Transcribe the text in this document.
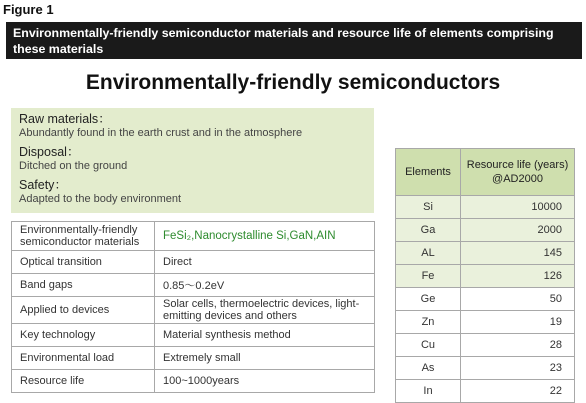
Figure 1
Environmentally-friendly semiconductor materials and resource life of elements comprising these materials
Environmentally-friendly semiconductors
Raw materials：
Abundantly found in the earth crust and in the atmosphere
Disposal：
Ditched on the ground
Safety：
Adapted to the body environment
Environmentally-friendly semiconductor materials	FeSi₂,Nanocrystalline Si,GaN,AIN
Optical transition	Direct
Band gaps	0.85～0.2eV
Applied to devices	Solar cells, thermoelectric devices, light-emitting devices and others
Key technology	Material synthesis method
Environmental load	Extremely small
Resource life	100~1000years
Elements	Resource life (years) @AD2000
Si	10000
Ga	2000
AL	145
Fe	126
Ge	50
Zn	19
Cu	28
As	23
In	22
